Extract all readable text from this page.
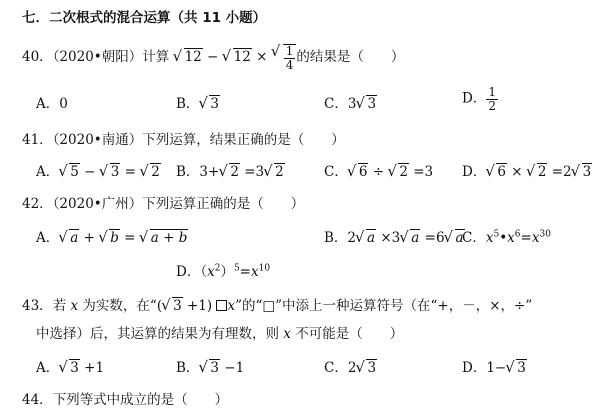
七．二次根式的混合运算（共 11 小题）
40．（2020•朝阳）计算 √ 12 − √ 12 × √ $\frac{1}{4}$ 的结果是（　　）
A．0	B． √ 3	C．3 √ 3	D． $\frac{1}{2}$
41．（2020•南通）下列运算，结果正确的是（　　）
A． √ 5 − √ 3 = √ 2 B．3+ √ 2 =3 √ 2	C． √ 6 ÷ √ 2 =3 D． √ 6 × √ 2 =2 √ 3
42．（2020•广州）下列运算正确的是（　　）
A． √ a + √ b = √ a + b	B．2 √ a ×3 √ a =6 √ a
C．$x^5•x^6=x^{30}$
D．$(x^2)^5=x^{10}$
43．若 x 为实数，在“( √ 3 +1) x”的“□”中添上一种运算符号（在“+，－，×，÷”
中选择）后，其运算的结果为有理数，则 x 不可能是（　　）
A． √ 3 +1	B． √ 3 −1	C．2 √ 3	D．1− √ 3
44．下列等式中成立的是（　　）
